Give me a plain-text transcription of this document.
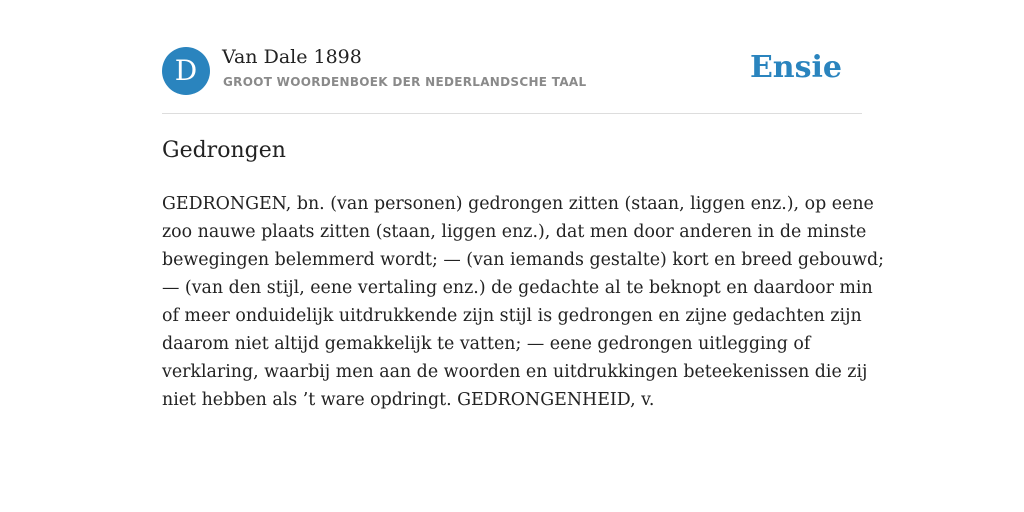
D	Van Dale 1898
GROOT WOORDENBOEK DER NEDERLANDSCHE TAAL	Ensie
Gedrongen
GEDRONGEN, bn. (van personen) gedrongen zitten (staan, liggen enz.), op eene
zoo nauwe plaats zitten (staan, liggen enz.), dat men door anderen in de minste
bewegingen belemmerd wordt; — (van iemands gestalte) kort en breed gebouwd;
— (van den stijl, eene vertaling enz.) de gedachte al te beknopt en daardoor min
of meer onduidelijk uitdrukkende zijn stijl is gedrongen en zijne gedachten zijn
daarom niet altijd gemakkelijk te vatten; — eene gedrongen uitlegging of
verklaring, waarbij men aan de woorden en uitdrukkingen beteekenissen die zij
niet hebben als ’t ware opdringt. GEDRONGENHEID, v.
